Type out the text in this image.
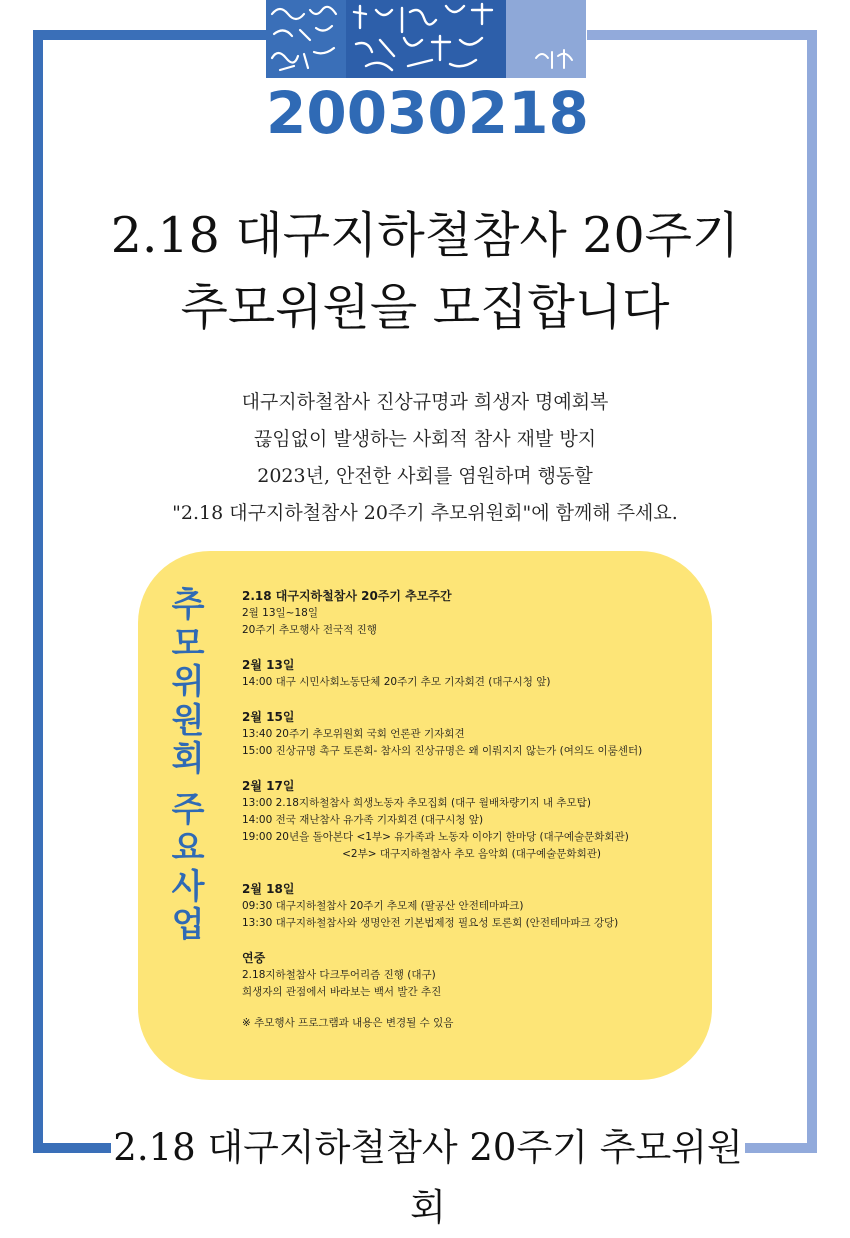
20030218
2.18 대구지하철참사 20주기
추모위원을 모집합니다
대구지하철참사 진상규명과 희생자 명예회복
끊임없이 발생하는 사회적 참사 재발 방지
2023년, 안전한 사회를 염원하며 행동할
"2.18 대구지하철참사 20주기 추모위원회"에 함께해 주세요.
추
모
위
원
회
주
요
사
업
2.18 대구지하철참사 20주기 추모주간
2월 13일~18일
20주기 추모행사 전국적 진행
2월 13일
14:00 대구 시민사회노동단체 20주기 추모 기자회견 (대구시청 앞)
2월 15일
13:40 20주기 추모위원회 국회 언론관 기자회견
15:00 진상규명 촉구 토론회- 참사의 진상규명은 왜 이뤄지지 않는가 (여의도 이룸센터)
2월 17일
13:00 2.18지하철참사 희생노동자 추모집회 (대구 월배차량기지 내 추모탑)
14:00 전국 재난참사 유가족 기자회견 (대구시청 앞)
19:00 20년을 돌아본다 <1부> 유가족과 노동자 이야기 한마당 (대구예술문화회관)
<2부> 대구지하철참사 추모 음악회 (대구예술문화회관)
2월 18일
09:30 대구지하철참사 20주기 추모제 (팔공산 안전테마파크)
13:30 대구지하철참사와 생명안전 기본법제정 필요성 토론회 (안전테마파크 강당)
연중
2.18지하철참사 다크투어리즘 진행 (대구)
희생자의 관점에서 바라보는 백서 발간 추진
※ 추모행사 프로그램과 내용은 변경될 수 있음
2.18 대구지하철참사 20주기 추모위원회
